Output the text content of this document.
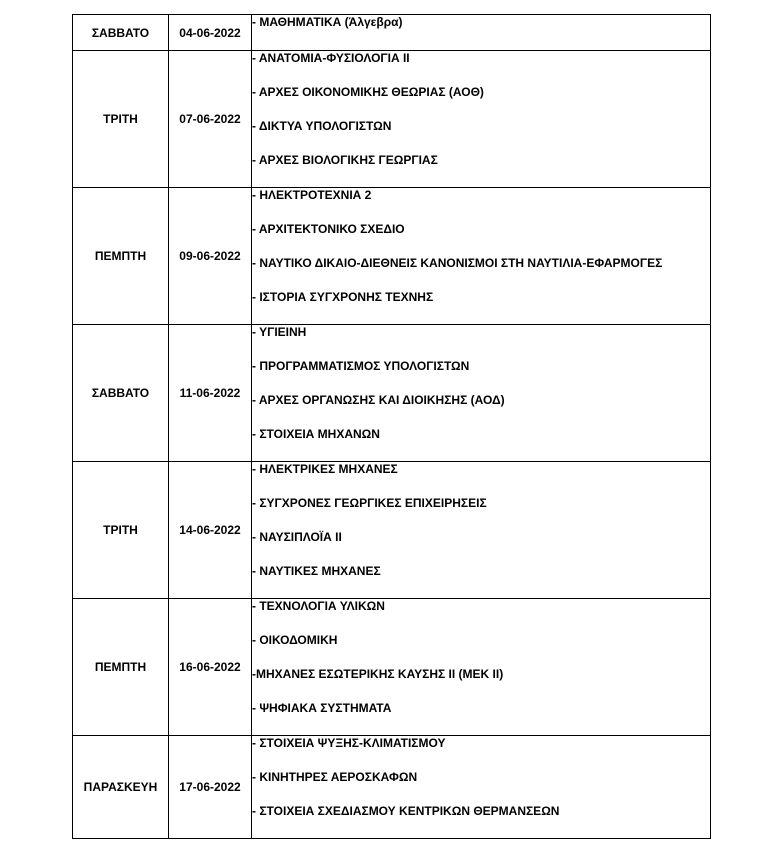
ΣΑΒΒΑΤΟ	04-06-2022	- ΜΑΘΗΜΑΤΙΚΑ (Άλγεβρα)

ΤΡΙΤΗ	07-06-2022	- ΑΝΑΤΟΜΙΑ-ΦΥΣΙΟΛΟΓΙΑ ΙΙ
- ΑΡΧΕΣ ΟΙΚΟΝΟΜΙΚΗΣ ΘΕΩΡΙΑΣ (ΑΟΘ)
- ΔΙΚΤΥΑ ΥΠΟΛΟΓΙΣΤΩΝ
- ΑΡΧΕΣ ΒΙΟΛΟΓΙΚΗΣ ΓΕΩΡΓΙΑΣ

ΠΕΜΠΤΗ	09-06-2022	- ΗΛΕΚΤΡΟΤΕΧΝΙΑ 2
- ΑΡΧΙΤΕΚΤΟΝΙΚΟ ΣΧΕΔΙΟ
- ΝΑΥΤΙΚΟ ΔΙΚΑΙΟ-ΔΙΕΘΝΕΙΣ ΚΑΝΟΝΙΣΜΟΙ ΣΤΗ ΝΑΥΤΙΛΙΑ-ΕΦΑΡΜΟΓΕΣ
- ΙΣΤΟΡΙΑ ΣΥΓΧΡΟΝΗΣ ΤΕΧΝΗΣ

ΣΑΒΒΑΤΟ	11-06-2022	- ΥΓΙΕΙΝΗ
- ΠΡΟΓΡΑΜΜΑΤΙΣΜΟΣ ΥΠΟΛΟΓΙΣΤΩΝ
- ΑΡΧΕΣ ΟΡΓΑΝΩΣΗΣ ΚΑΙ ΔΙΟΙΚΗΣΗΣ (ΑΟΔ)
- ΣΤΟΙΧΕΙΑ ΜΗΧΑΝΩΝ

ΤΡΙΤΗ	14-06-2022	- ΗΛΕΚΤΡΙΚΕΣ ΜΗΧΑΝΕΣ
- ΣΥΓΧΡΟΝΕΣ ΓΕΩΡΓΙΚΕΣ ΕΠΙΧΕΙΡΗΣΕΙΣ
- ΝΑΥΣΙΠΛΟΪΑ ΙΙ
- ΝΑΥΤΙΚΕΣ ΜΗΧΑΝΕΣ

ΠΕΜΠΤΗ	16-06-2022	- ΤΕΧΝΟΛΟΓΙΑ ΥΛΙΚΩΝ
- ΟΙΚΟΔΟΜΙΚΗ
-ΜΗΧΑΝΕΣ ΕΣΩΤΕΡΙΚΗΣ ΚΑΥΣΗΣ ΙΙ (ΜΕΚ ΙΙ)
- ΨΗΦΙΑΚΑ ΣΥΣΤΗΜΑΤΑ

ΠΑΡΑΣΚΕΥΗ	17-06-2022	- ΣΤΟΙΧΕΙΑ ΨΥΞΗΣ-ΚΛΙΜΑΤΙΣΜΟΥ
- ΚΙΝΗΤΗΡΕΣ ΑΕΡΟΣΚΑΦΩΝ
- ΣΤΟΙΧΕΙΑ ΣΧΕΔΙΑΣΜΟΥ ΚΕΝΤΡΙΚΩΝ ΘΕΡΜΑΝΣΕΩΝ
